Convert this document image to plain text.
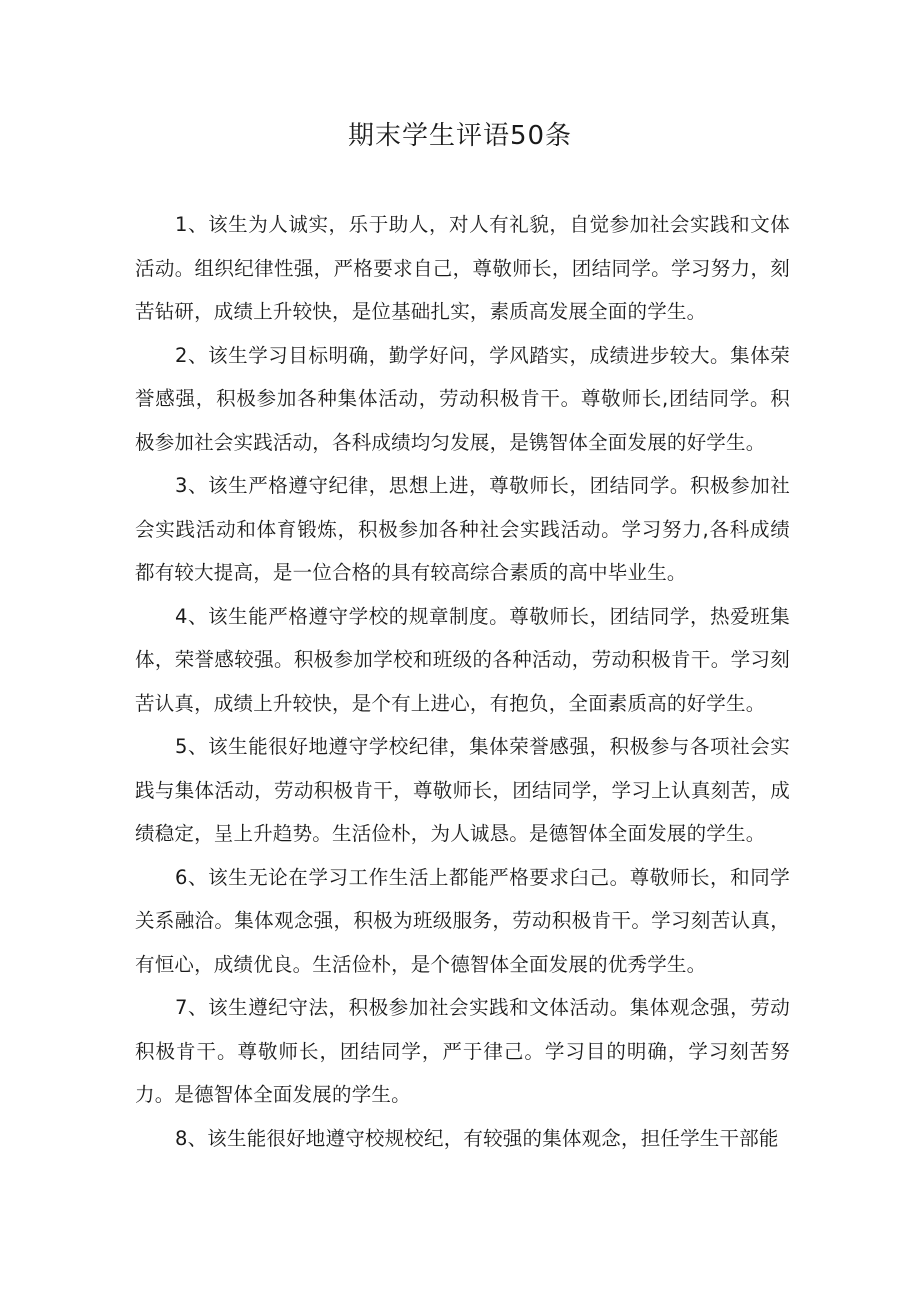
期末学生评语50条

1、该生为人诚实，乐于助人，对人有礼貌，自觉参加社会实践和文体活动。组织纪律性强，严格要求自己，尊敬师长，团结同学。学习努力，刻苦钻研，成绩上升较快，是位基础扎实，素质高发展全面的学生。

2、该生学习目标明确，勤学好问，学风踏实，成绩进步较大。集体荣誉感强，积极参加各种集体活动，劳动积极肯干。尊敬师长,团结同学。积极参加社会实践活动，各科成绩均匀发展，是镌智体全面发展的好学生。

3、该生严格遵守纪律，思想上进，尊敬师长，团结同学。积极参加社会实践活动和体育锻炼，积极参加各种社会实践活动。学习努力,各科成绩都有较大提高，是一位合格的具有较高综合素质的高中毕业生。

4、该生能严格遵守学校的规章制度。尊敬师长，团结同学，热爱班集体，荣誉感较强。积极参加学校和班级的各种活动，劳动积极肯干。学习刻苦认真，成绩上升较快，是个有上进心，有抱负，全面素质高的好学生。

5、该生能很好地遵守学校纪律，集体荣誉感强，积极参与各项社会实践与集体活动，劳动积极肯干，尊敬师长，团结同学，学习上认真刻苦，成绩稳定，呈上升趋势。生活俭朴，为人诚恳。是德智体全面发展的学生。

6、该生无论在学习工作生活上都能严格要求臼己。尊敬师长，和同学关系融洽。集体观念强，积极为班级服务，劳动积极肯干。学习刻苦认真，有恒心，成绩优良。生活俭朴，是个德智体全面发展的优秀学生。

7、该生遵纪守法，积极参加社会实践和文体活动。集体观念强，劳动积极肯干。尊敬师长，团结同学，严于律己。学习目的明确，学习刻苦努力。是德智体全面发展的学生。

8、该生能很好地遵守校规校纪，有较强的集体观念，担任学生干部能
